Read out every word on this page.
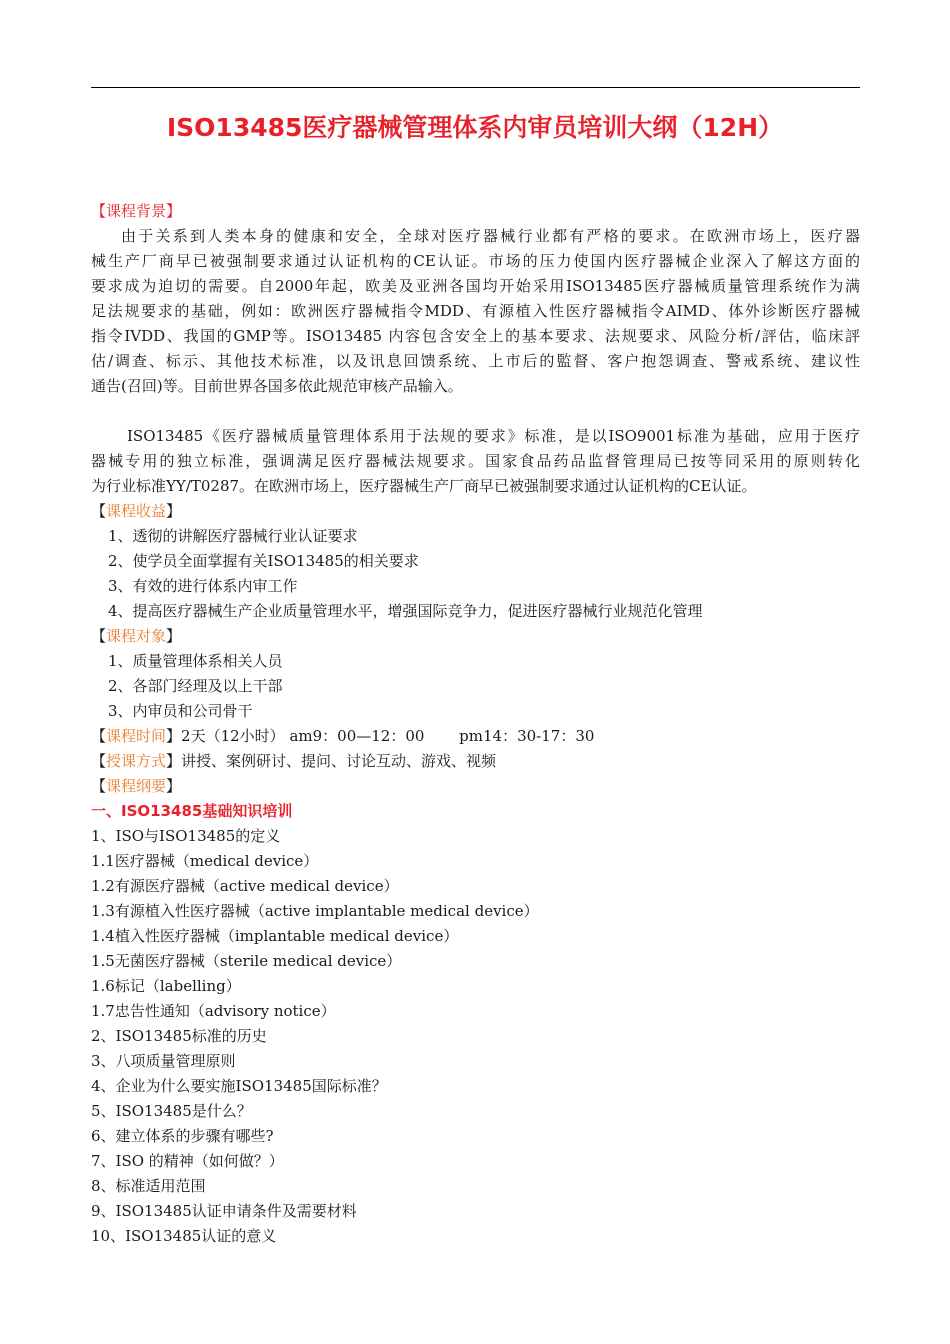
ISO13485医疗器械管理体系内审员培训大纲（12H）
【课程背景】
由于关系到人类本身的健康和安全，全球对医疗器械行业都有严格的要求。在欧洲市场上，医疗器
械生产厂商早已被强制要求通过认证机构的CE认证。市场的压力使国内医疗器械企业深入了解这方面的
要求成为迫切的需要。自2000年起，欧美及亚洲各国均开始采用ISO13485医疗器械质量管理系统作为满
足法规要求的基础，例如：欧洲医疗器械指令MDD、有源植入性医疗器械指令AIMD、体外诊断医疗器械
指令IVDD、我国的GMP等。ISO13485 内容包含安全上的基本要求、法规要求、风险分析/評估，临床評
估/调查、标示、其他技术标准，以及讯息回馈系统、上市后的監督、客户抱怨调查、警戒系统、建议性
通告(召回)等。目前世界各国多依此规范审核产品输入。
ISO13485《医疗器械质量管理体系用于法规的要求》标准，是以ISO9001标准为基础，应用于医疗
器械专用的独立标准，强调满足医疗器械法规要求。国家食品药品监督管理局已按等同采用的原则转化
为行业标准YY/T0287。在欧洲市场上，医疗器械生产厂商早已被强制要求通过认证机构的CE认证。
【课程收益】
1、透彻的讲解医疗器械行业认证要求
2、使学员全面掌握有关ISO13485的相关要求
3、有效的进行体系内审工作
4、提高医疗器械生产企业质量管理水平，增强国际竞争力，促进医疗器械行业规范化管理
【课程对象】
1、质量管理体系相关人员
2、各部门经理及以上干部
3、内审员和公司骨干
【课程时间】2天（12小时） am9：00—12：00　　 pm14：30-17：30
【授课方式】讲授、案例研讨、提问、讨论互动、游戏、视频
【课程纲要】
一、ISO13485基础知识培训
1、ISO与ISO13485的定义
1.1医疗器械（medical device）
1.2有源医疗器械（active medical device）
1.3有源植入性医疗器械（active implantable medical device）
1.4植入性医疗器械（implantable medical device）
1.5无菌医疗器械（sterile medical device）
1.6标记（labelling）
1.7忠告性通知（advisory notice）
2、ISO13485标准的历史
3、八项质量管理原则
4、企业为什么要实施ISO13485国际标准？
5、ISO13485是什么？
6、建立体系的步骤有哪些?
7、ISO 的精神（如何做？）
8、标准适用范围
9、ISO13485认证申请条件及需要材料
10、ISO13485认证的意义
